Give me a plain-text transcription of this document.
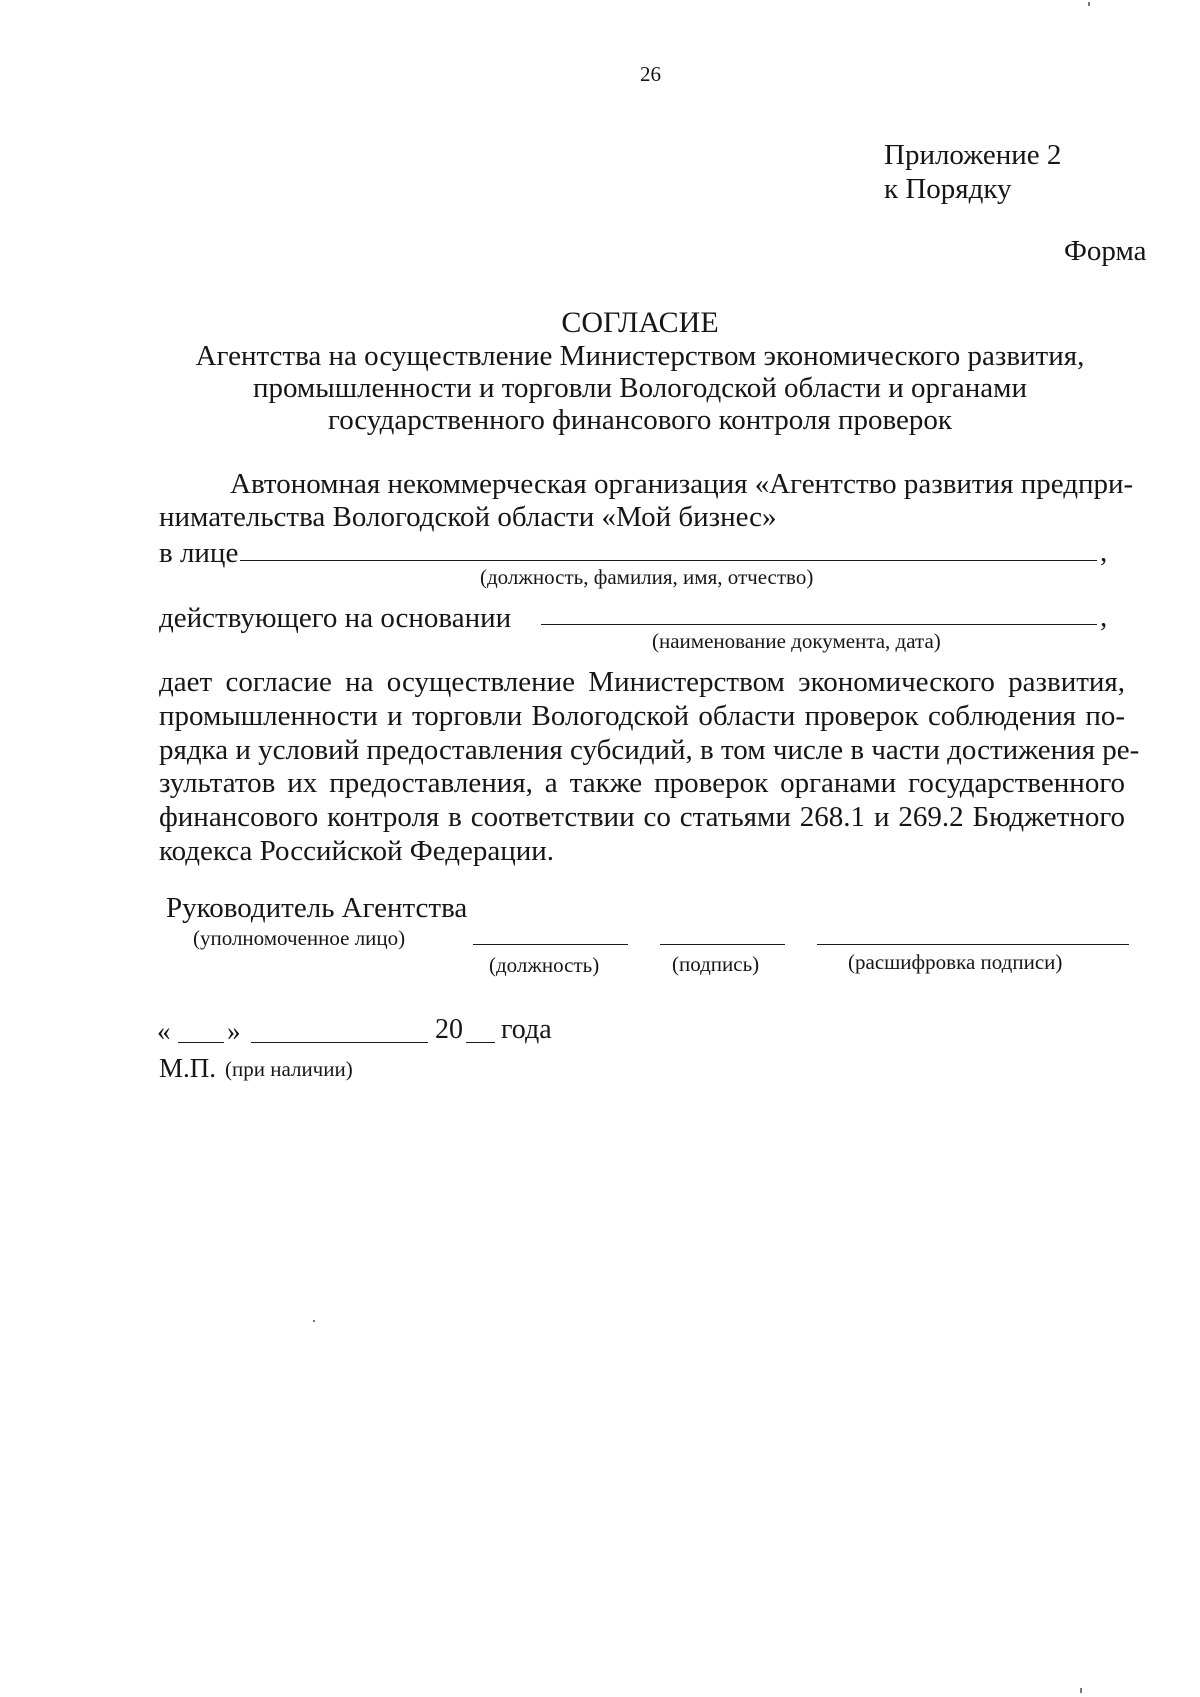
26
Приложение 2
к Порядку
Форма
СОГЛАСИЕ
Агентства на осуществление Министерством экономического развития,
промышленности и торговли Вологодской области и органами
государственного финансового контроля проверок
Автономная некоммерческая организация «Агентство развития предпри-
нимательства Вологодской области «Мой бизнес»
в лице	,
(должность, фамилия, имя, отчество)
действующего на основании	,
(наименование документа, дата)
дает согласие на осуществление Министерством экономического развития,
промышленности и торговли Вологодской области проверок соблюдения по-
рядка и условий предоставления субсидий, в том числе в части достижения ре-
зультатов их предоставления, а также проверок органами государственного
финансового контроля в соответствии со статьями 268.1 и 269.2 Бюджетного
кодекса Российской Федерации.
Руководитель Агентства
(уполномоченное лицо)
(должность)	(подпись)	(расшифровка подписи)
« »	20 года
М.П. (при наличии)
